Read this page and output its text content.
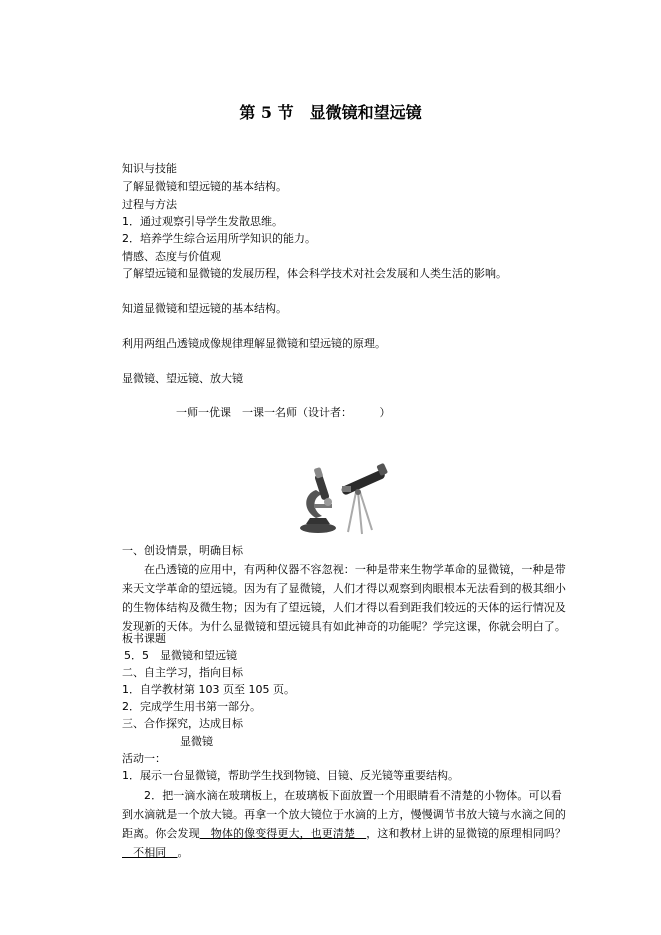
第 5 节　显微镜和望远镜
知识与技能
了解显微镜和望远镜的基本结构。
过程与方法
1．通过观察引导学生发散思维。
2．培养学生综合运用所学知识的能力。
情感、态度与价值观
了解望远镜和显微镜的发展历程，体会科学技术对社会发展和人类生活的影响。
知道显微镜和望远镜的基本结构。
利用两组凸透镜成像规律理解显微镜和望远镜的原理。
显微镜、望远镜、放大镜
一师一优课　一课一名师（设计者：　　　）
一、创设情景，明确目标
在凸透镜的应用中，有两种仪器不容忽视：一种是带来生物学革命的显微镜，一种是带来天文学革命的望远镜。因为有了显微镜，人们才得以观察到肉眼根本无法看到的极其细小的生物体结构及微生物；因为有了望远镜，人们才得以看到距我们较远的天体的运行情况及发现新的天体。为什么显微镜和望远镜具有如此神奇的功能呢？学完这课，你就会明白了。
板书课题
5．5　显微镜和望远镜
二、自主学习，指向目标
1．自学教材第 103 页至 105 页。
2．完成学生用书第一部分。
三、合作探究，达成目标
显微镜
活动一：
1．展示一台显微镜，帮助学生找到物镜、目镜、反光镜等重要结构。
2．把一滴水滴在玻璃板上，在玻璃板下面放置一个用眼睛看不清楚的小物体。可以看到水滴就是一个放大镜。再拿一个放大镜位于水滴的上方，慢慢调节书放大镜与水滴之间的距离。你会发现＿物体的像变得更大，也更清楚＿，这和教材上讲的显微镜的原理相同吗？＿不相同＿。
